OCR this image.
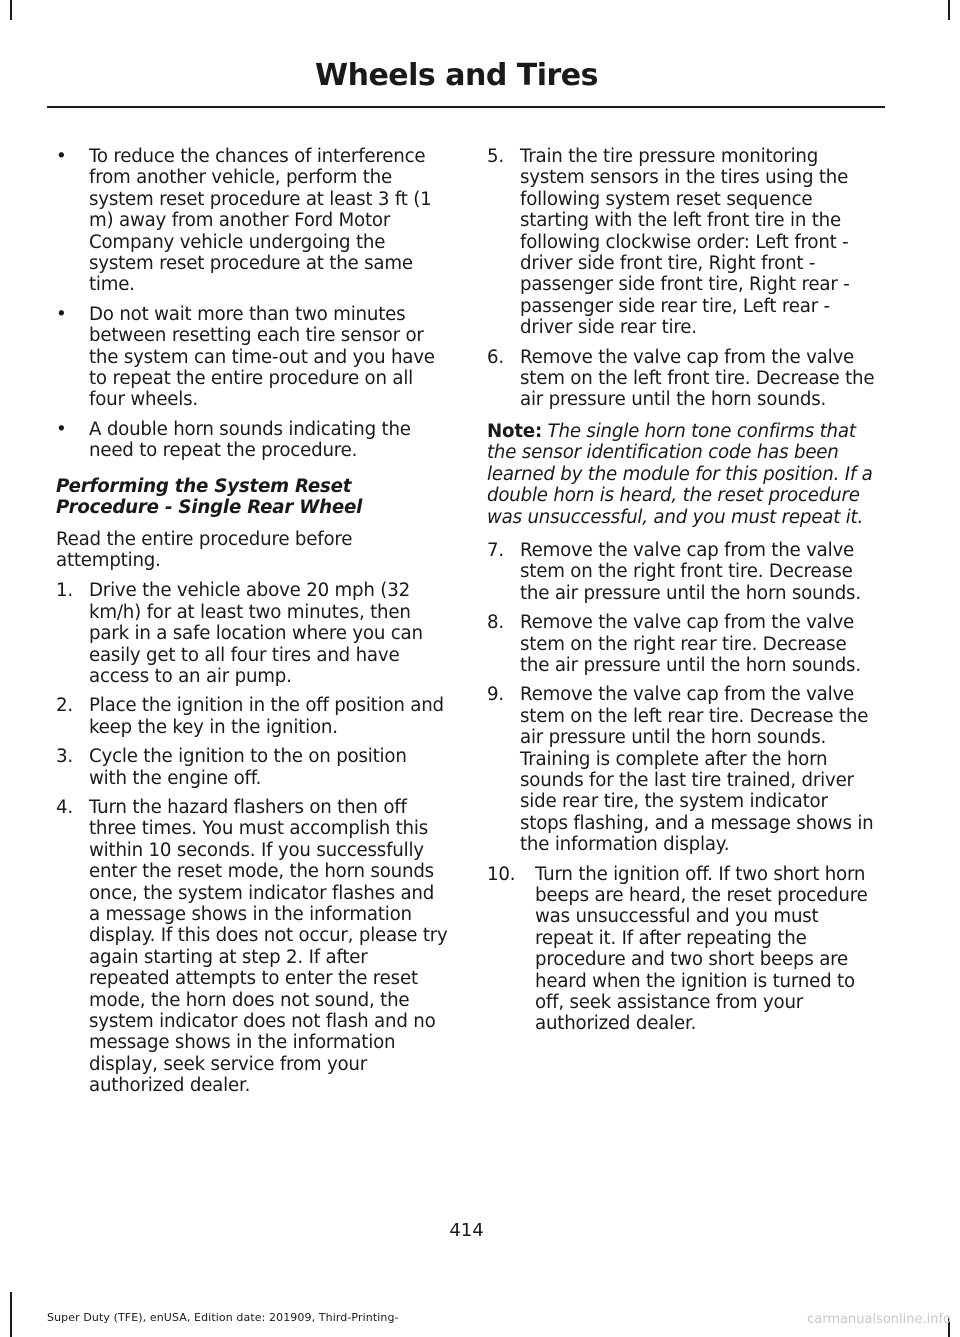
Wheels and Tires
• To reduce the chances of interference from another vehicle, perform the system reset procedure at least 3 ft (1 m) away from another Ford Motor Company vehicle undergoing the system reset procedure at the same time.
• Do not wait more than two minutes between resetting each tire sensor or the system can time-out and you have to repeat the entire procedure on all four wheels.
• A double horn sounds indicating the need to repeat the procedure.
Performing the System Reset Procedure - Single Rear Wheel
Read the entire procedure before attempting.
1. Drive the vehicle above 20 mph (32 km/h) for at least two minutes, then park in a safe location where you can easily get to all four tires and have access to an air pump.
2. Place the ignition in the off position and keep the key in the ignition.
3. Cycle the ignition to the on position with the engine off.
4. Turn the hazard flashers on then off three times. You must accomplish this within 10 seconds. If you successfully enter the reset mode, the horn sounds once, the system indicator flashes and a message shows in the information display. If this does not occur, please try again starting at step 2. If after repeated attempts to enter the reset mode, the horn does not sound, the system indicator does not flash and no message shows in the information display, seek service from your authorized dealer.
5. Train the tire pressure monitoring system sensors in the tires using the following system reset sequence starting with the left front tire in the following clockwise order: Left front - driver side front tire, Right front - passenger side front tire, Right rear - passenger side rear tire, Left rear - driver side rear tire.
6. Remove the valve cap from the valve stem on the left front tire. Decrease the air pressure until the horn sounds.
Note: The single horn tone confirms that the sensor identification code has been learned by the module for this position. If a double horn is heard, the reset procedure was unsuccessful, and you must repeat it.
7. Remove the valve cap from the valve stem on the right front tire. Decrease the air pressure until the horn sounds.
8. Remove the valve cap from the valve stem on the right rear tire. Decrease the air pressure until the horn sounds.
9. Remove the valve cap from the valve stem on the left rear tire. Decrease the air pressure until the horn sounds. Training is complete after the horn sounds for the last tire trained, driver side rear tire, the system indicator stops flashing, and a message shows in the information display.
10. Turn the ignition off. If two short horn beeps are heard, the reset procedure was unsuccessful and you must repeat it. If after repeating the procedure and two short beeps are heard when the ignition is turned to off, seek assistance from your authorized dealer.
414
Super Duty (TFE), enUSA, Edition date: 201909, Third-Printing-	carmanualsonline.info
